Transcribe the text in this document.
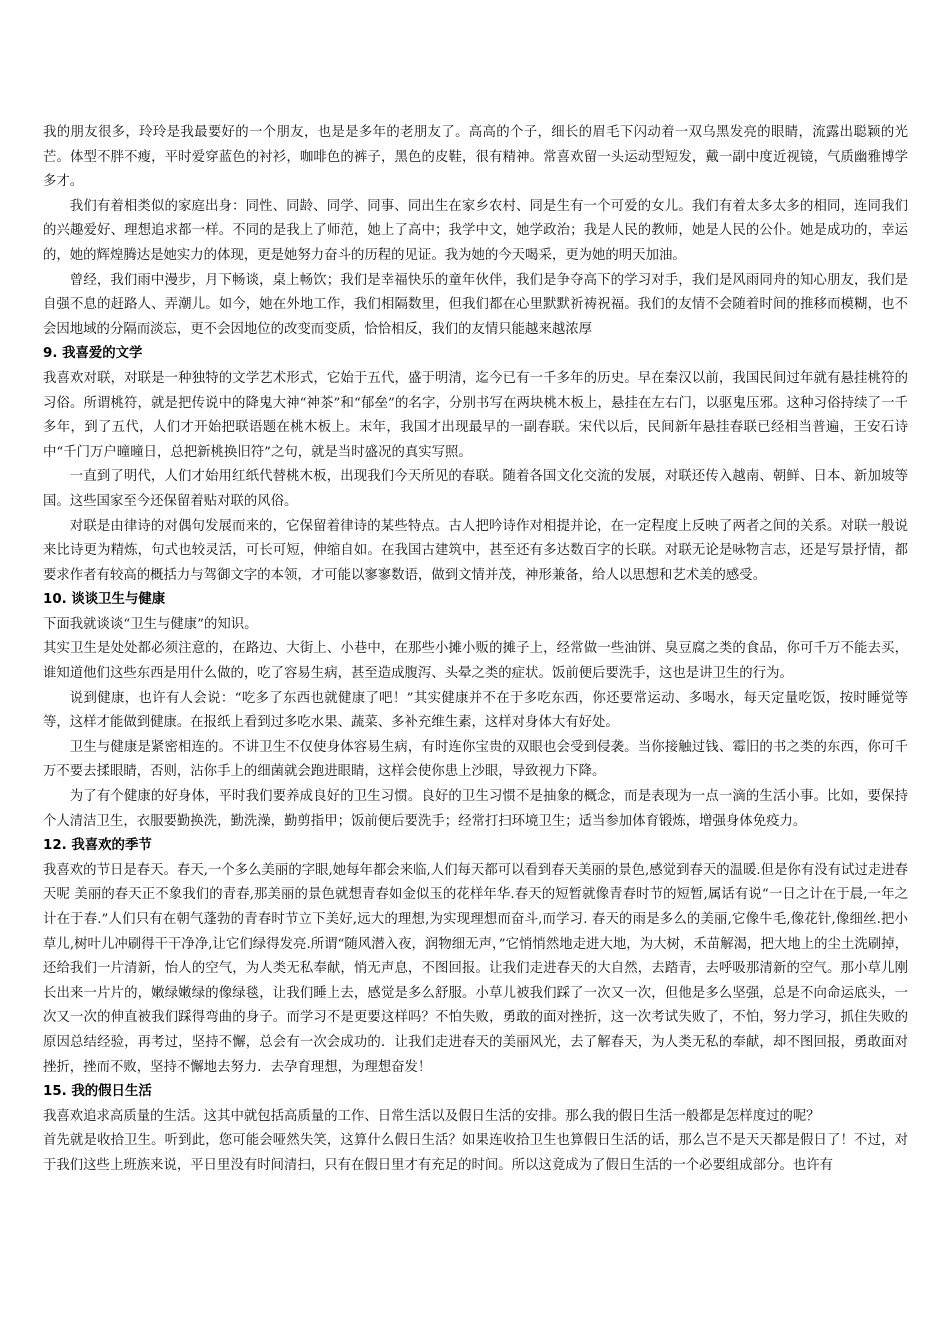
我的朋友很多，玲玲是我最要好的一个朋友，也是是多年的老朋友了。高高的个子，细长的眉毛下闪动着一双乌黑发亮的眼睛，流露出聪颖的光芒。体型不胖不瘦，平时爱穿蓝色的衬衫，咖啡色的裤子，黑色的皮鞋，很有精神。常喜欢留一头运动型短发，戴一副中度近视镜，气质幽雅博学多才。

我们有着相类似的家庭出身：同性、同龄、同学、同事、同出生在家乡农村、同是生有一个可爱的女儿。我们有着太多太多的相同，连同我们的兴趣爱好、理想追求都一样。不同的是我上了师范，她上了高中；我学中文，她学政治；我是人民的教师，她是人民的公仆。她是成功的，幸运的，她的辉煌腾达是她实力的体现，更是她努力奋斗的历程的见证。我为她的今天喝采，更为她的明天加油。

曾经，我们雨中漫步，月下畅谈，桌上畅饮；我们是幸福快乐的童年伙伴，我们是争夺高下的学习对手，我们是风雨同舟的知心朋友，我们是自强不息的赶路人、弄潮儿。如今，她在外地工作，我们相隔数里，但我们都在心里默默祈祷祝福。我们的友情不会随着时间的推移而模糊，也不会因地域的分隔而淡忘，更不会因地位的改变而变质，恰恰相反，我们的友情只能越来越浓厚

9. 我喜爱的文学

我喜欢对联，对联是一种独特的文学艺术形式，它始于五代，盛于明清，迄今已有一千多年的历史。早在秦汉以前，我国民间过年就有悬挂桃符的习俗。所谓桃符，就是把传说中的降鬼大神“神茶”和“郁垒”的名字，分别书写在两块桃木板上，悬挂在左右门，以驱鬼压邪。这种习俗持续了一千多年，到了五代，人们才开始把联语题在桃木板上。末年，我国才出现最早的一副春联。宋代以后，民间新年悬挂春联已经相当普遍，王安石诗中“千门万户曈曈日，总把新桃换旧符”之句，就是当时盛况的真实写照。

一直到了明代，人们才始用红纸代替桃木板，出现我们今天所见的春联。随着各国文化交流的发展，对联还传入越南、朝鲜、日本、新加坡等国。这些国家至今还保留着贴对联的风俗。

对联是由律诗的对偶句发展而来的，它保留着律诗的某些特点。古人把吟诗作对相提并论，在一定程度上反映了两者之间的关系。对联一般说来比诗更为精炼，句式也较灵活，可长可短，伸缩自如。在我国古建筑中，甚至还有多达数百字的长联。对联无论是咏物言志，还是写景抒情，都要求作者有较高的概括力与驾御文字的本领，才可能以寥寥数语，做到文情并茂，神形兼备，给人以思想和艺术美的感受。

10. 谈谈卫生与健康

下面我就谈谈“卫生与健康”的知识。

其实卫生是处处都必须注意的，在路边、大街上、小巷中，在那些小摊小贩的摊子上，经常做一些油饼、臭豆腐之类的食品，你可千万不能去买，谁知道他们这些东西是用什么做的，吃了容易生病，甚至造成腹泻、头晕之类的症状。饭前便后要洗手，这也是讲卫生的行为。

说到健康，也许有人会说：“吃多了东西也就健康了吧！”其实健康并不在于多吃东西，你还要常运动、多喝水，每天定量吃饭，按时睡觉等等，这样才能做到健康。在报纸上看到过多吃水果、蔬菜、多补充维生素，这样对身体大有好处。

卫生与健康是紧密相连的。不讲卫生不仅使身体容易生病，有时连你宝贵的双眼也会受到侵袭。当你接触过钱、霉旧的书之类的东西，你可千万不要去揉眼睛，否则，沾你手上的细菌就会跑进眼睛，这样会使你患上沙眼，导致视力下降。

为了有个健康的好身体，平时我们要养成良好的卫生习惯。良好的卫生习惯不是抽象的概念，而是表现为一点一滴的生活小事。比如，要保持个人清洁卫生，衣服要勤换洗，勤洗澡，勤剪指甲；饭前便后要洗手；经常打扫环境卫生；适当参加体育锻炼，增强身体免疫力。

12. 我喜欢的季节

我喜欢的节日是春天。春天,一个多么美丽的字眼,她每年都会来临,人们每天都可以看到春天美丽的景色,感觉到春天的温暖.但是你有没有试过走进春天呢 美丽的春天正不象我们的青春,那美丽的景色就想青春如金似玉的花样年华.春天的短暂就像青春时节的短暂,属话有说“一日之计在于晨,一年之计在于春.”人们只有在朝气蓬勃的青春时节立下美好,远大的理想,为实现理想而奋斗,而学习. 春天的雨是多么的美丽,它像牛毛,像花针,像细丝.把小草儿,树叶儿冲刷得干干净净,让它们绿得发亮.所谓“随风潜入夜，润物细无声，”它悄悄然地走进大地，为大树，禾苗解渴，把大地上的尘土洗刷掉，还给我们一片清新，怡人的空气，为人类无私奉献，悄无声息，不图回报。让我们走进春天的大自然，去踏青，去呼吸那清新的空气。那小草儿刚长出来一片片的，嫩绿嫩绿的像绿毯，让我们睡上去，感觉是多么舒服。小草儿被我们踩了一次又一次，但他是多么坚强，总是不向命运底头，一次又一次的伸直被我们踩得弯曲的身子。而学习不是更要这样吗？不怕失败，勇敢的面对挫折，这一次考试失败了，不怕，努力学习，抓住失败的原因总结经验，再考过，坚持不懈，总会有一次会成功的．让我们走进春天的美丽风光，去了解春天，为人类无私的奉献，却不图回报，勇敢面对挫折，挫而不败，坚持不懈地去努力．去孕育理想，为理想奋发！

15. 我的假日生活

我喜欢追求高质量的生活。这其中就包括高质量的工作、日常生活以及假日生活的安排。那么我的假日生活一般都是怎样度过的呢？

首先就是收拾卫生。听到此，您可能会哑然失笑，这算什么假日生活？如果连收拾卫生也算假日生活的话，那么岂不是天天都是假日了！不过，对于我们这些上班族来说，平日里没有时间清扫，只有在假日里才有充足的时间。所以这竟成为了假日生活的一个必要组成部分。也许有
